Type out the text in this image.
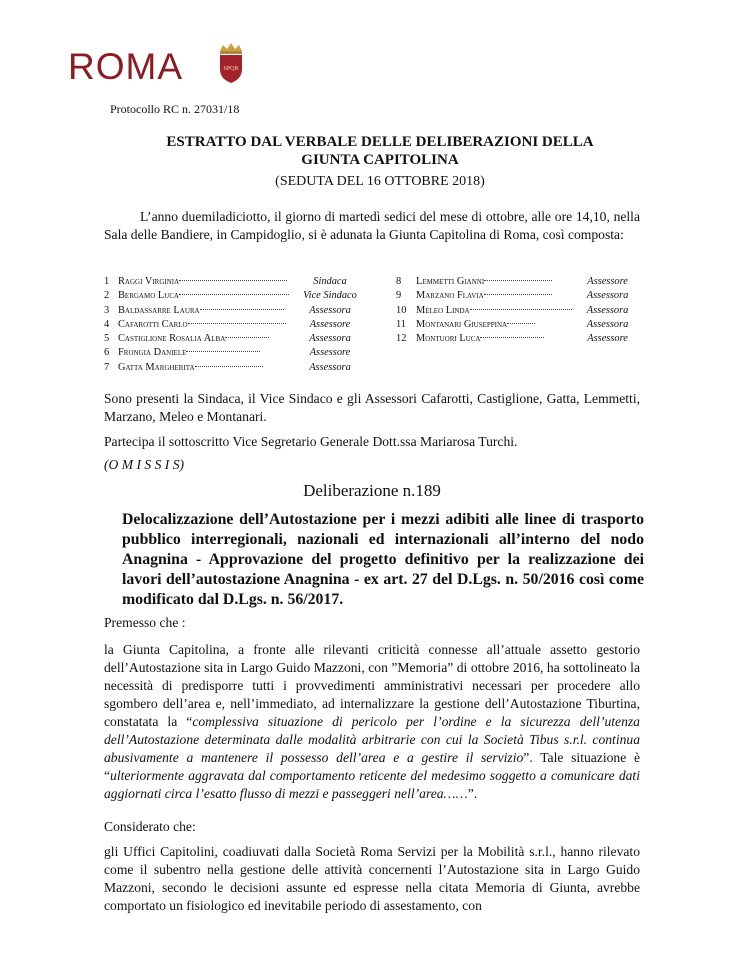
ROMA	SPQR
Protocollo RC n. 27031/18
ESTRATTO DAL VERBALE DELLE DELIBERAZIONI DELLA
GIUNTA CAPITOLINA
(SEDUTA DEL 16 OTTOBRE 2018)
L’anno duemiladiciotto, il giorno di martedì sedici del mese di ottobre, alle ore 14,10, nella Sala delle Bandiere, in Campidoglio, si è adunata la Giunta Capitolina di Roma, così composta:
1	Raggi Virginia	Sindaca
2	Bergamo Luca	Vice Sindaco
3	Baldassarre Laura	Assessora
4	Cafarotti Carlo	Assessore
5	Castiglione Rosalia Alba	Assessora
6	Frongia Daniele	Assessore
7	Gatta Margherita	Assessora
8	Lemmetti Gianni	Assessore
9	Marzano Flavia	Assessora
10	Meleo Linda	Assessora
11	Montanari Giuseppina	Assessora
12	Montuori Luca	Assessore
Sono presenti la Sindaca, il Vice Sindaco e gli Assessori Cafarotti, Castiglione, Gatta, Lemmetti, Marzano, Meleo e Montanari.
Partecipa il sottoscritto Vice Segretario Generale Dott.ssa Mariarosa Turchi.
(O M I S S I S)
Deliberazione n.189
Delocalizzazione dell’Autostazione per i mezzi adibiti alle linee di trasporto pubblico interregionali, nazionali ed internazionali all’interno del nodo Anagnina - Approvazione del progetto definitivo per la realizzazione dei lavori dell’autostazione Anagnina - ex art. 27 del D.Lgs. n. 50/2016 così come modificato dal D.Lgs. n. 56/2017.
Premesso che :
la Giunta Capitolina, a fronte alle rilevanti criticità connesse all’attuale assetto gestorio dell’Autostazione sita in Largo Guido Mazzoni, con ”Memoria” di ottobre 2016, ha sottolineato la necessità di predisporre tutti i provvedimenti amministrativi necessari per procedere allo sgombero dell’area e, nell’immediato, ad internalizzare la gestione dell’Autostazione Tiburtina, constatata la “complessiva situazione di pericolo per l’ordine e la sicurezza dell’utenza dell’Autostazione determinata dalle modalità arbitrarie con cui la Società Tibus s.r.l. continua abusivamente a mantenere il possesso dell’area e a gestire il servizio”. Tale situazione è “ulteriormente aggravata dal comportamento reticente del medesimo soggetto a comunicare dati aggiornati circa l’esatto flusso di mezzi e passeggeri nell’area……”.
Considerato che:
gli Uffici Capitolini, coadiuvati dalla Società Roma Servizi per la Mobilità s.r.l., hanno rilevato come il subentro nella gestione delle attività concernenti l’Autostazione sita in Largo Guido Mazzoni, secondo le decisioni assunte ed espresse nella citata Memoria di Giunta, avrebbe comportato un fisiologico ed inevitabile periodo di assestamento, con
